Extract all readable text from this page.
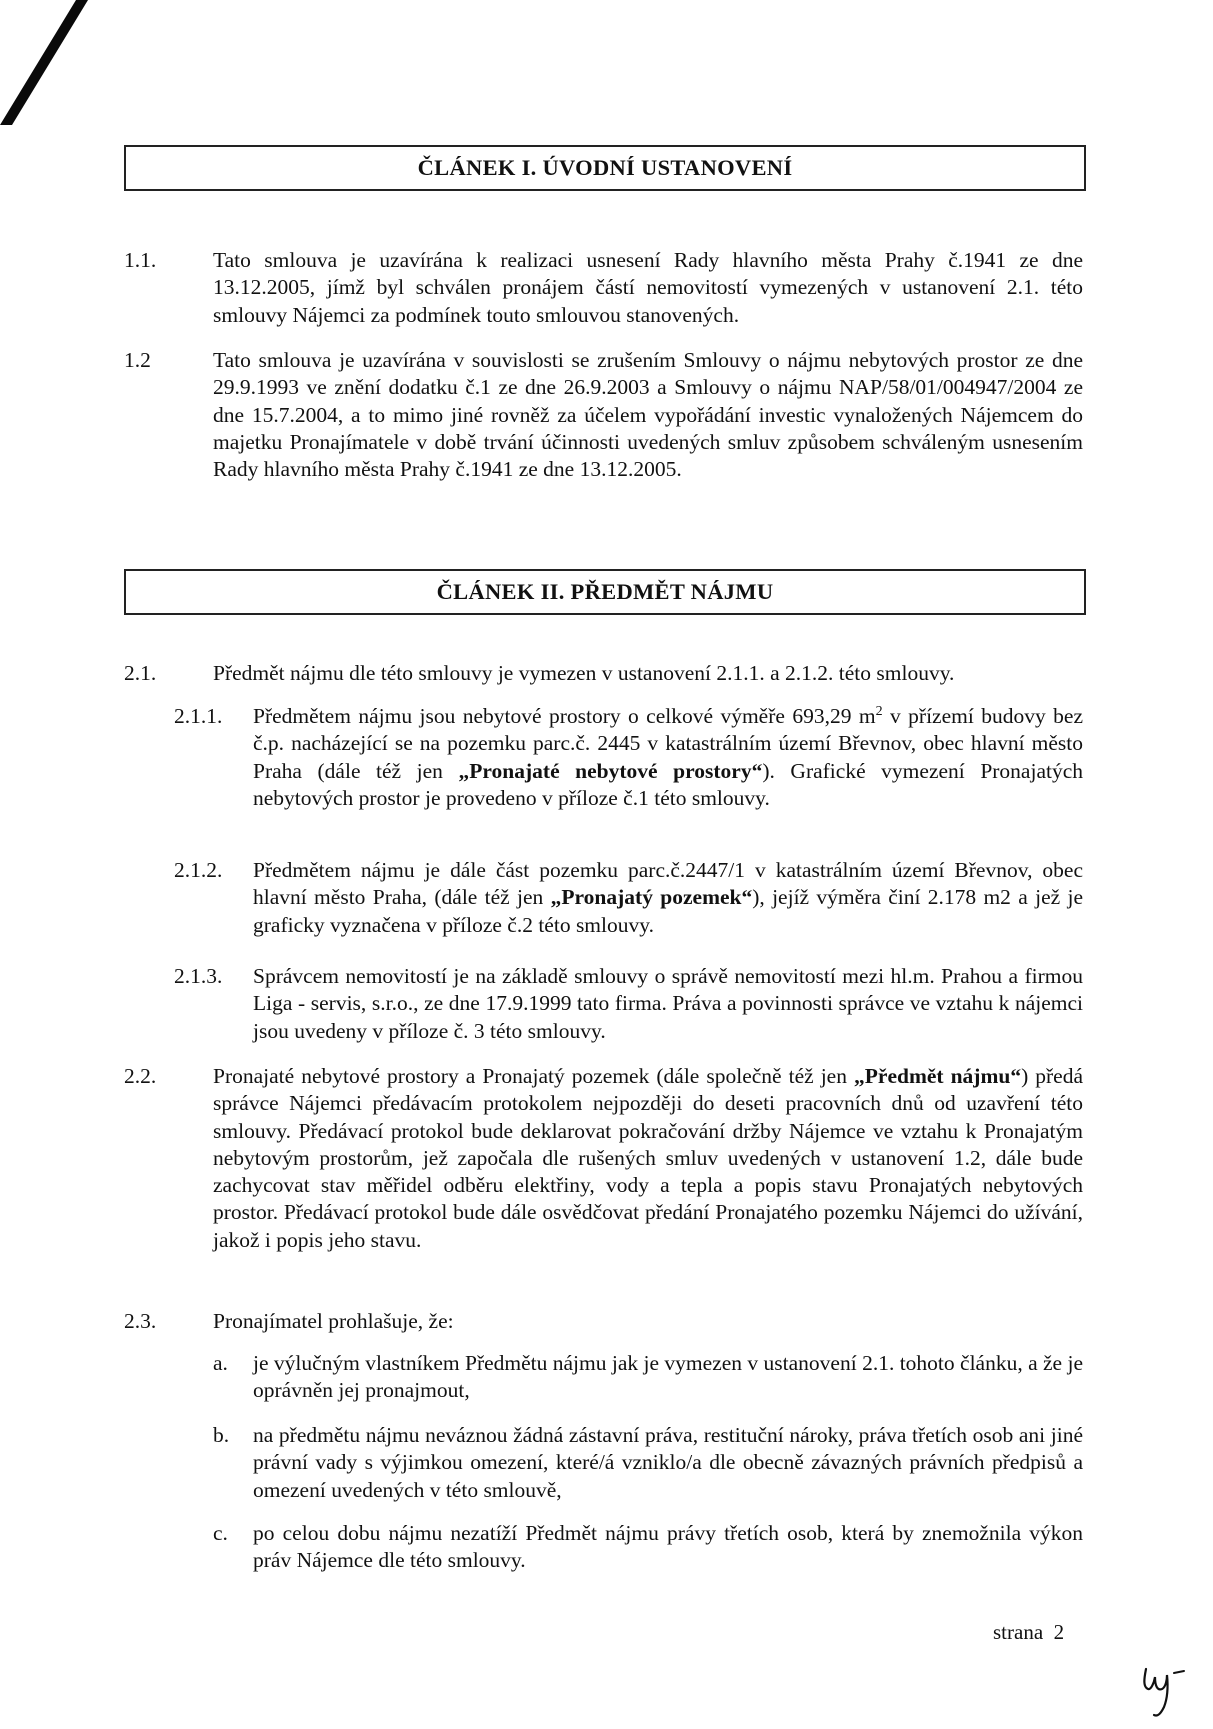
ČLÁNEK I. ÚVODNÍ USTANOVENÍ
1.1.	Tato smlouva je uzavírána k realizaci usnesení Rady hlavního města Prahy č.1941 ze dne 13.12.2005, jímž byl schválen pronájem částí nemovitostí vymezených v ustanovení 2.1. této smlouvy Nájemci za podmínek touto smlouvou stanovených.
1.2	Tato smlouva je uzavírána v souvislosti se zrušením Smlouvy o nájmu nebytových prostor ze dne 29.9.1993 ve znění dodatku č.1 ze dne 26.9.2003 a Smlouvy o nájmu NAP/58/01/004947/2004 ze dne 15.7.2004, a to mimo jiné rovněž za účelem vypořádání investic vynaložených Nájemcem do majetku Pronajímatele v době trvání účinnosti uvedených smluv způsobem schváleným usnesením Rady hlavního města Prahy č.1941 ze dne 13.12.2005.
ČLÁNEK II. PŘEDMĚT NÁJMU
2.1.	Předmět nájmu dle této smlouvy je vymezen v ustanovení 2.1.1. a 2.1.2. této smlouvy.
2.1.1. Předmětem nájmu jsou nebytové prostory o celkové výměře 693,29 $m^2$ v přízemí budovy bez č.p. nacházející se na pozemku parc.č. 2445 v katastrálním území Břevnov, obec hlavní město Praha (dále též jen „Pronajaté nebytové prostory“). Grafické vymezení Pronajatých nebytových prostor je provedeno v příloze č.1 této smlouvy.
2.1.2. Předmětem nájmu je dále část pozemku parc.č.2447/1 v katastrálním území Břevnov, obec hlavní město Praha, (dále též jen „Pronajatý pozemek“), jejíž výměra činí 2.178 m2 a jež je graficky vyznačena v příloze č.2 této smlouvy.
2.1.3. Správcem nemovitostí je na základě smlouvy o správě nemovitostí mezi hl.m. Prahou a firmou Liga - servis, s.r.o., ze dne 17.9.1999 tato firma. Práva a povinnosti správce ve vztahu k nájemci jsou uvedeny v příloze č. 3 této smlouvy.
2.2.	Pronajaté nebytové prostory a Pronajatý pozemek (dále společně též jen „Předmět nájmu“) předá správce Nájemci předávacím protokolem nejpozději do deseti pracovních dnů od uzavření této smlouvy. Předávací protokol bude deklarovat pokračování držby Nájemce ve vztahu k Pronajatým nebytovým prostorům, jež započala dle rušených smluv uvedených v ustanovení 1.2, dále bude zachycovat stav měřidel odběru elektřiny, vody a tepla a popis stavu Pronajatých nebytových prostor. Předávací protokol bude dále osvědčovat předání Pronajatého pozemku Nájemci do užívání, jakož i popis jeho stavu.
2.3.	Pronajímatel prohlašuje, že:
a. je výlučným vlastníkem Předmětu nájmu jak je vymezen v ustanovení 2.1. tohoto článku, a že je oprávněn jej pronajmout,
b. na předmětu nájmu neváznou žádná zástavní práva, restituční nároky, práva třetích osob ani jiné právní vady s výjimkou omezení, které/á vzniklo/a dle obecně závazných právních předpisů a omezení uvedených v této smlouvě,
c. po celou dobu nájmu nezatíží Předmět nájmu právy třetích osob, která by znemožnila výkon práv Nájemce dle této smlouvy.
strana  2
